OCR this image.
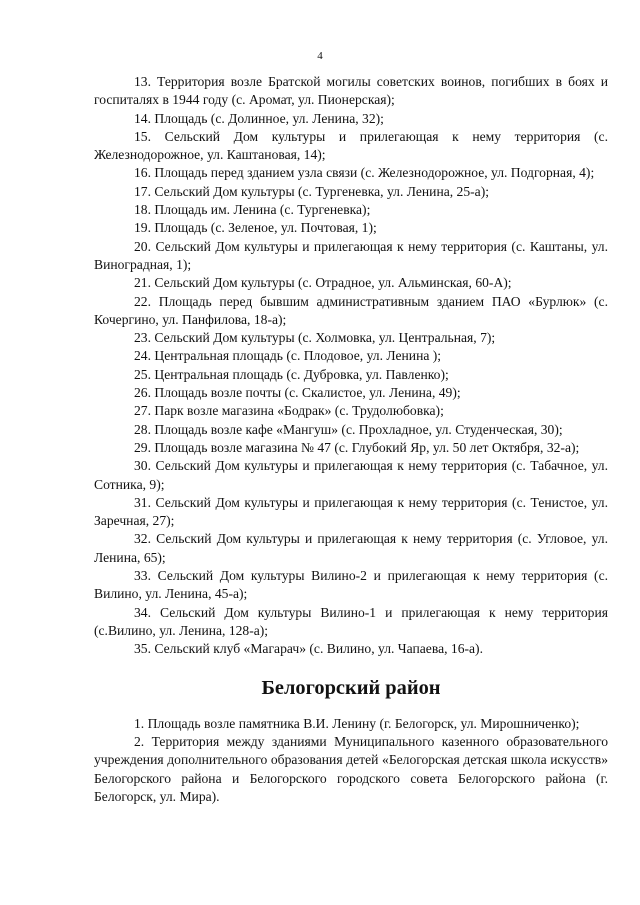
4

13. Территория возле Братской могилы советских воинов, погибших в боях и госпиталях в 1944 году (с. Аромат, ул. Пионерская);

14. Площадь (с. Долинное, ул. Ленина, 32);

15. Сельский Дом культуры и прилегающая к нему территория (с. Железнодорожное, ул. Каштановая, 14);

16. Площадь перед зданием узла связи (с. Железнодорожное, ул. Подгорная, 4);

17. Сельский Дом культуры (с. Тургеневка, ул. Ленина, 25-а);

18. Площадь им. Ленина (с. Тургеневка);

19. Площадь (с. Зеленое, ул. Почтовая, 1);

20. Сельский Дом культуры и прилегающая к нему территория (с. Каштаны, ул. Виноградная, 1);

21. Сельский Дом культуры (с. Отрадное, ул. Альминская, 60-А);

22. Площадь перед бывшим административным зданием ПАО «Бурлюк» (с. Кочергино, ул. Панфилова, 18-а);

23. Сельский Дом культуры (с. Холмовка, ул. Центральная, 7);

24. Центральная площадь (с. Плодовое, ул. Ленина );

25. Центральная площадь (с. Дубровка, ул. Павленко);

26. Площадь возле почты (с. Скалистое, ул. Ленина, 49);

27. Парк возле магазина «Бодрак» (с. Трудолюбовка);

28. Площадь возле кафе «Мангуш» (с. Прохладное, ул. Студенческая, 30);

29. Площадь возле магазина № 47 (с. Глубокий Яр, ул. 50 лет Октября, 32-а);

30. Сельский Дом культуры и прилегающая к нему территория (с. Табачное, ул. Сотника, 9);

31. Сельский Дом культуры и прилегающая к нему территория (с. Тенистое, ул. Заречная, 27);

32. Сельский Дом культуры и прилегающая к нему территория (с. Угловое, ул. Ленина, 65);

33. Сельский Дом культуры Вилино-2 и прилегающая к нему территория (с. Вилино, ул. Ленина, 45-а);

34. Сельский Дом культуры Вилино-1 и прилегающая к нему территория (с.Вилино, ул. Ленина, 128-а);

35. Сельский клуб «Магарач» (с. Вилино, ул. Чапаева, 16-а).

Белогорский район

1. Площадь возле памятника В.И. Ленину (г. Белогорск, ул. Мирошниченко);

2. Территория между зданиями Муниципального казенного образовательного учреждения дополнительного образования детей «Белогорская детская школа искусств» Белогорского района и Белогорского городского совета Белогорского района (г. Белогорск, ул. Мира).
